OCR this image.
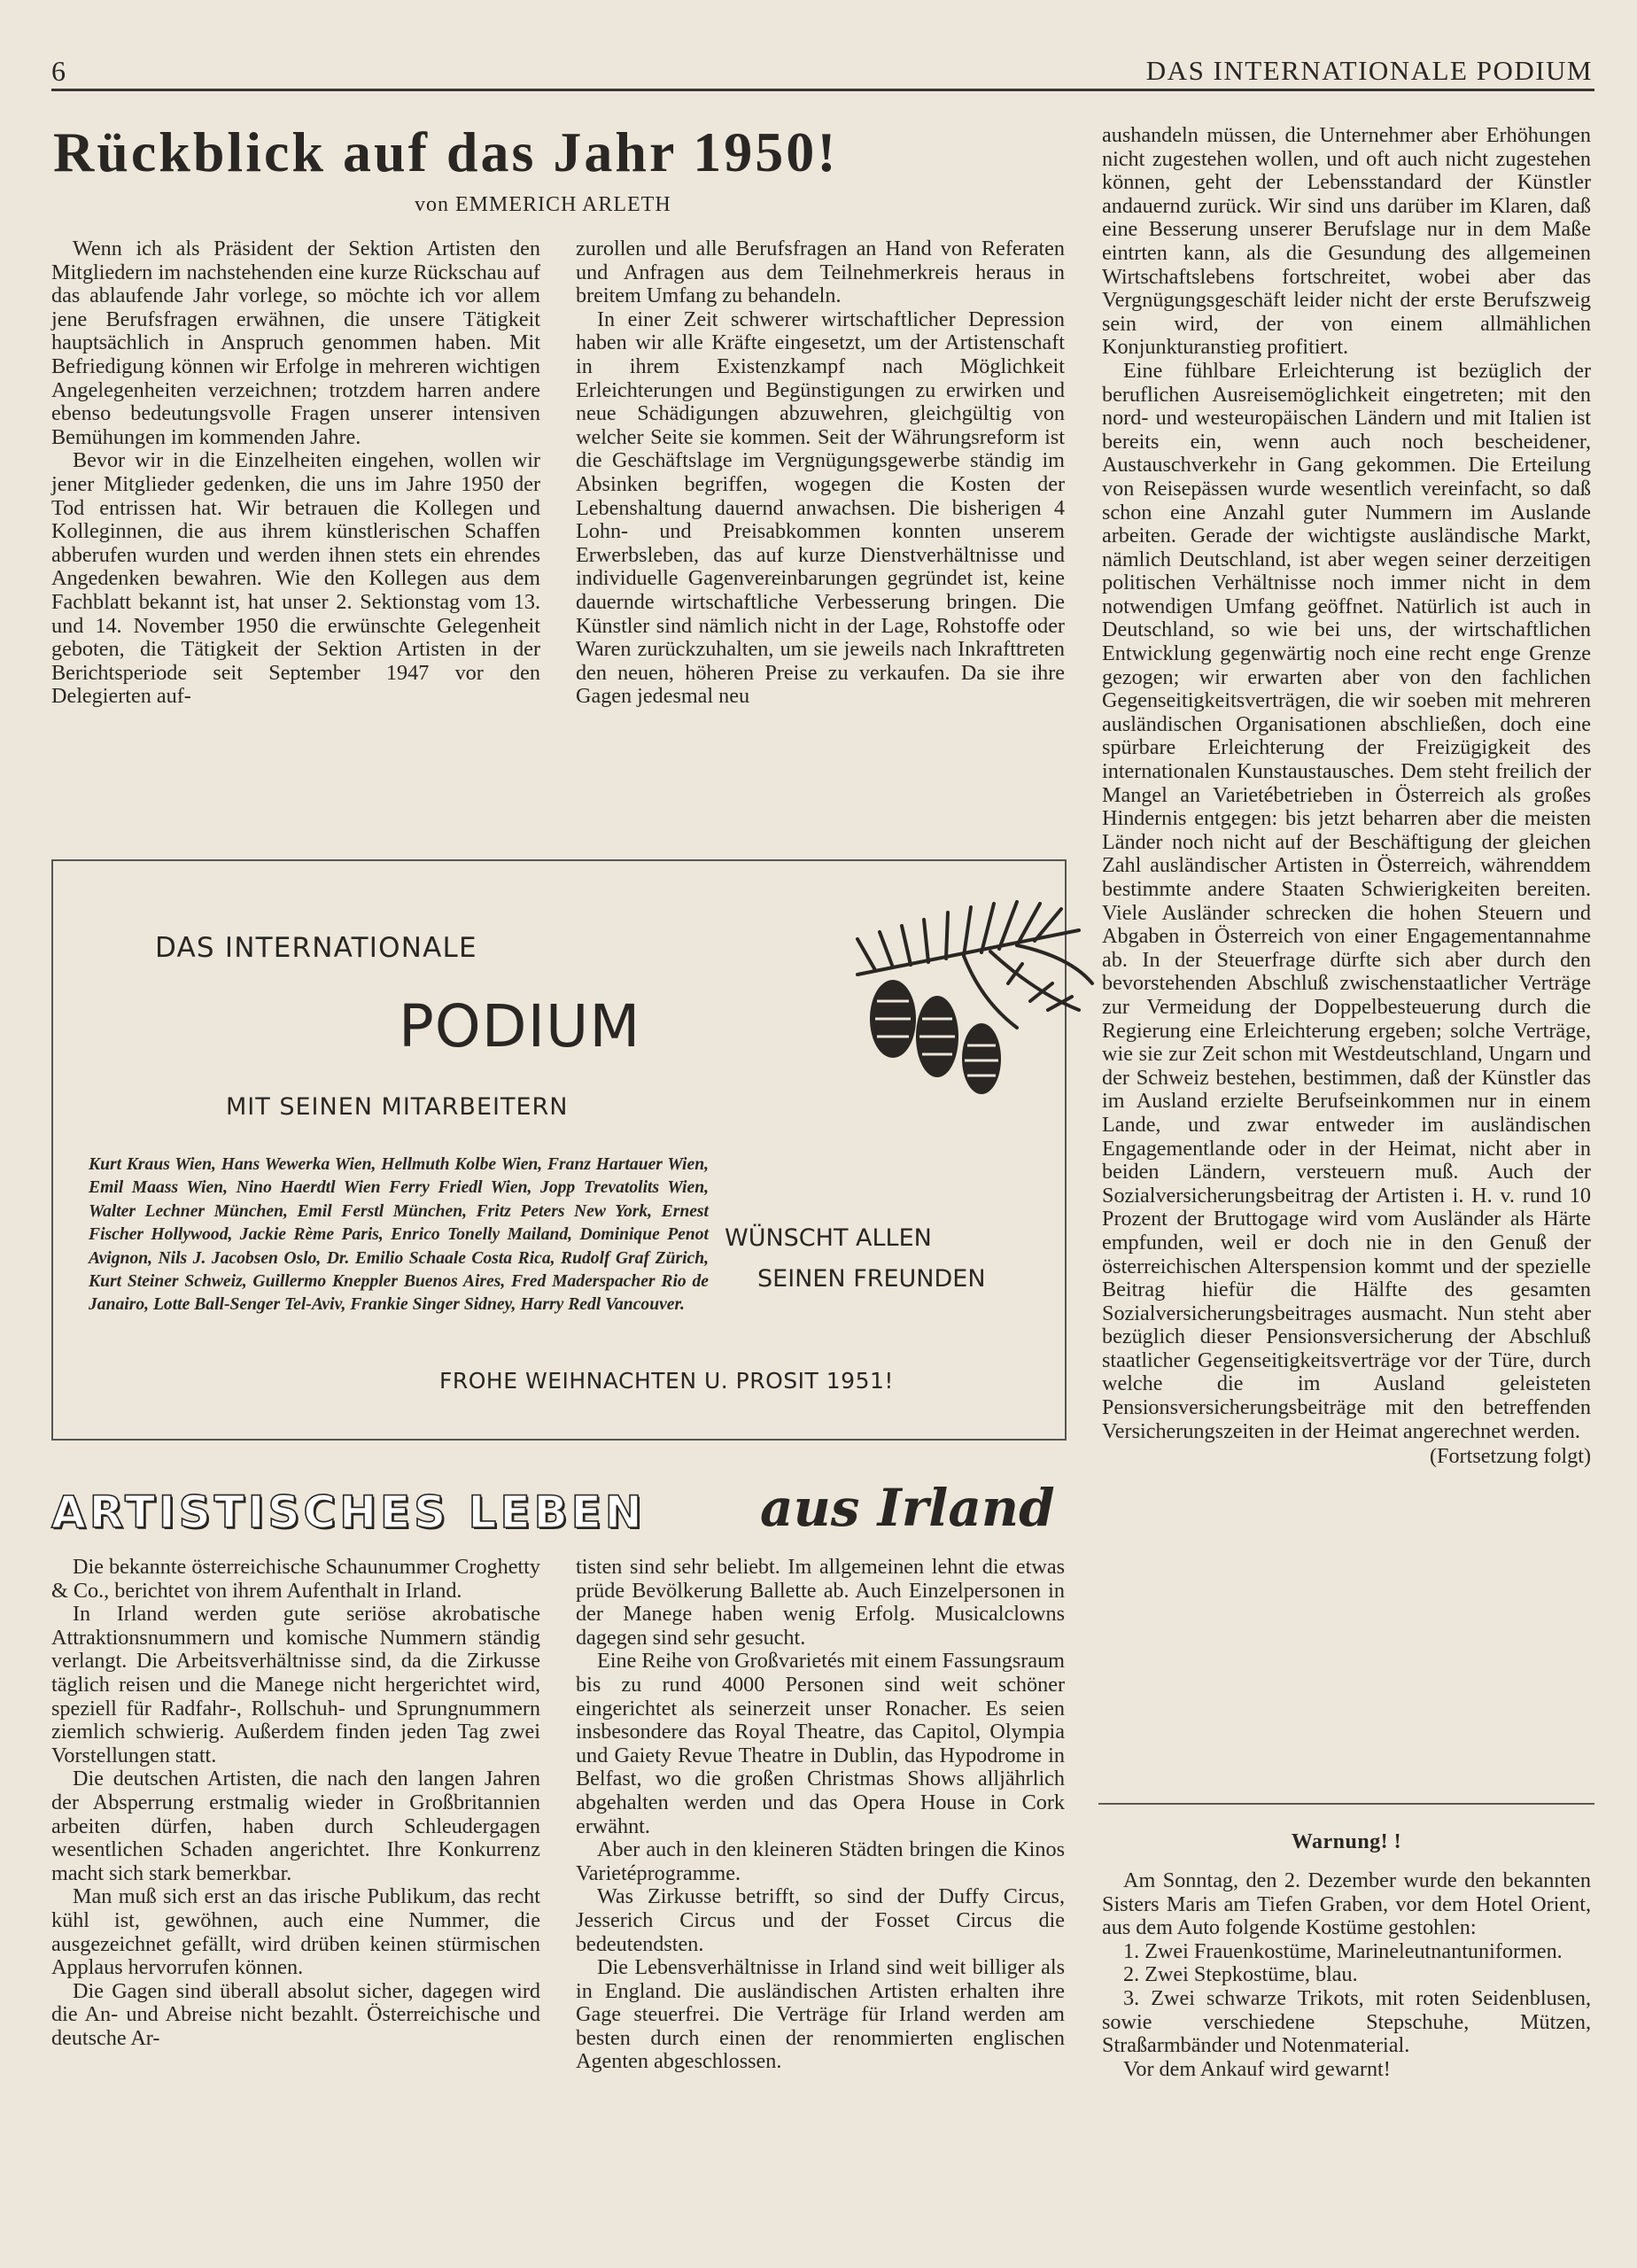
6	DAS INTERNATIONALE PODIUM
Rückblick auf das Jahr 1950!
von EMMERICH ARLETH

Wenn ich als Präsident der Sektion Artisten den Mitgliedern im nachstehenden eine kurze Rückschau auf das ablaufende Jahr vorlege, so möchte ich vor allem jene Berufsfragen erwähnen, die unsere Tätigkeit hauptsächlich in Anspruch genommen haben. Mit Befriedigung können wir Erfolge in mehreren wichtigen Angelegenheiten verzeichnen; trotzdem harren andere ebenso bedeutungsvolle Fragen unserer intensiven Bemühungen im kommenden Jahre.

Bevor wir in die Einzelheiten eingehen, wollen wir jener Mitglieder gedenken, die uns im Jahre 1950 der Tod entrissen hat. Wir betrauen die Kollegen und Kolleginnen, die aus ihrem künstlerischen Schaffen abberufen wurden und werden ihnen stets ein ehrendes Angedenken bewahren. Wie den Kollegen aus dem Fachblatt bekannt ist, hat unser 2. Sektionstag vom 13. und 14. November 1950 die erwünschte Gelegenheit geboten, die Tätigkeit der Sektion Artisten in der Berichtsperiode seit September 1947 vor den Delegierten auf-

zurollen und alle Berufsfragen an Hand von Referaten und Anfragen aus dem Teilnehmerkreis heraus in breitem Umfang zu behandeln.

In einer Zeit schwerer wirtschaftlicher Depression haben wir alle Kräfte eingesetzt, um der Artistenschaft in ihrem Existenzkampf nach Möglichkeit Erleichterungen und Begünstigungen zu erwirken und neue Schädigungen abzuwehren, gleichgültig von welcher Seite sie kommen. Seit der Währungsreform ist die Geschäftslage im Vergnügungsgewerbe ständig im Absinken begriffen, wogegen die Kosten der Lebenshaltung dauernd anwachsen. Die bisherigen 4 Lohn- und Preisabkommen konnten unserem Erwerbsleben, das auf kurze Dienstverhältnisse und individuelle Gagenvereinbarungen gegründet ist, keine dauernde wirtschaftliche Verbesserung bringen. Die Künstler sind nämlich nicht in der Lage, Rohstoffe oder Waren zurückzuhalten, um sie jeweils nach Inkrafttreten den neuen, höheren Preise zu verkaufen. Da sie ihre Gagen jedesmal neu

aushandeln müssen, die Unternehmer aber Erhöhungen nicht zugestehen wollen, und oft auch nicht zugestehen können, geht der Lebensstandard der Künstler andauernd zurück. Wir sind uns darüber im Klaren, daß eine Besserung unserer Berufslage nur in dem Maße eintrten kann, als die Gesundung des allgemeinen Wirtschaftslebens fortschreitet, wobei aber das Vergnügungsgeschäft leider nicht der erste Berufszweig sein wird, der von einem allmählichen Konjunkturanstieg profitiert.

Eine fühlbare Erleichterung ist bezüglich der beruflichen Ausreisemöglichkeit eingetreten; mit den nord- und westeuropäischen Ländern und mit Italien ist bereits ein, wenn auch noch bescheidener, Austauschverkehr in Gang gekommen. Die Erteilung von Reisepässen wurde wesentlich vereinfacht, so daß schon eine Anzahl guter Nummern im Auslande arbeiten. Gerade der wichtigste ausländische Markt, nämlich Deutschland, ist aber wegen seiner derzeitigen politischen Verhältnisse noch immer nicht in dem notwendigen Umfang geöffnet. Natürlich ist auch in Deutschland, so wie bei uns, der wirtschaftlichen Entwicklung gegenwärtig noch eine recht enge Grenze gezogen; wir erwarten aber von den fachlichen Gegenseitigkeitsverträgen, die wir soeben mit mehreren ausländischen Organisationen abschließen, doch eine spürbare Erleichterung der Freizügigkeit des internationalen Kunstaustausches. Dem steht freilich der Mangel an Varietébetrieben in Österreich als großes Hindernis entgegen: bis jetzt beharren aber die meisten Länder noch nicht auf der Beschäftigung der gleichen Zahl ausländischer Artisten in Österreich, währenddem bestimmte andere Staaten Schwierigkeiten bereiten. Viele Ausländer schrecken die hohen Steuern und Abgaben in Österreich von einer Engagementannahme ab. In der Steuerfrage dürfte sich aber durch den bevorstehenden Abschluß zwischenstaatlicher Verträge zur Vermeidung der Doppelbesteuerung durch die Regierung eine Erleichterung ergeben; solche Verträge, wie sie zur Zeit schon mit Westdeutschland, Ungarn und der Schweiz bestehen, bestimmen, daß der Künstler das im Ausland erzielte Berufseinkommen nur in einem Lande, und zwar entweder im ausländischen Engagementlande oder in der Heimat, nicht aber in beiden Ländern, versteuern muß. Auch der Sozialversicherungsbeitrag der Artisten i. H. v. rund 10 Prozent der Bruttogage wird vom Ausländer als Härte empfunden, weil er doch nie in den Genuß der österreichischen Alterspension kommt und der spezielle Beitrag hiefür die Hälfte des gesamten Sozialversicherungsbeitrages ausmacht. Nun steht aber bezüglich dieser Pensionsversicherung der Abschluß staatlicher Gegenseitigkeitsverträge vor der Türe, durch welche die im Ausland geleisteten Pensionsversicherungsbeiträge mit den betreffenden Versicherungszeiten in der Heimat angerechnet werden.

(Fortsetzung folgt)
DAS INTERNATIONALE
PODIUM
MIT SEINEN MITARBEITERN
Kurt Kraus Wien, Hans Wewerka Wien, Hellmuth Kolbe Wien, Franz Hartauer Wien, Emil Maass Wien, Nino Haerdtl Wien Ferry Friedl Wien, Jopp Trevatolits Wien, Walter Lechner München, Emil Ferstl München, Fritz Peters New York, Ernest Fischer Hollywood, Jackie Rème Paris, Enrico Tonelly Mailand, Dominique Penot Avignon, Nils J. Jacobsen Oslo, Dr. Emilio Schaale Costa Rica, Rudolf Graf Zürich, Kurt Steiner Schweiz, Guillermo Kneppler Buenos Aires, Fred Maderspacher Rio de Janairo, Lotte Ball-Senger Tel-Aviv, Frankie Singer Sidney, Harry Redl Vancouver.
WÜNSCHT ALLEN
SEINEN FREUNDEN
FROHE WEIHNACHTEN U. PROSIT 1951!
ARTISTISCHES LEBEN aus Irland

Die bekannte österreichische Schaunummer Croghetty & Co., berichtet von ihrem Aufenthalt in Irland.

In Irland werden gute seriöse akrobatische Attraktionsnummern und komische Nummern ständig verlangt. Die Arbeitsverhältnisse sind, da die Zirkusse täglich reisen und die Manege nicht hergerichtet wird, speziell für Radfahr-, Rollschuh- und Sprungnummern ziemlich schwierig. Außerdem finden jeden Tag zwei Vorstellungen statt.

Die deutschen Artisten, die nach den langen Jahren der Absperrung erstmalig wieder in Großbritannien arbeiten dürfen, haben durch Schleudergagen wesentlichen Schaden angerichtet. Ihre Konkurrenz macht sich stark bemerkbar.

Man muß sich erst an das irische Publikum, das recht kühl ist, gewöhnen, auch eine Nummer, die ausgezeichnet gefällt, wird drüben keinen stürmischen Applaus hervorrufen können.

Die Gagen sind überall absolut sicher, dagegen wird die An- und Abreise nicht bezahlt. Österreichische und deutsche Ar-

tisten sind sehr beliebt. Im allgemeinen lehnt die etwas prüde Bevölkerung Ballette ab. Auch Einzelpersonen in der Manege haben wenig Erfolg. Musicalclowns dagegen sind sehr gesucht.

Eine Reihe von Großvarietés mit einem Fassungsraum bis zu rund 4000 Personen sind weit schöner eingerichtet als seinerzeit unser Ronacher. Es seien insbesondere das Royal Theatre, das Capitol, Olympia und Gaiety Revue Theatre in Dublin, das Hypodrome in Belfast, wo die großen Christmas Shows alljährlich abgehalten werden und das Opera House in Cork erwähnt.

Aber auch in den kleineren Städten bringen die Kinos Varietéprogramme.

Was Zirkusse betrifft, so sind der Duffy Circus, Jesserich Circus und der Fosset Circus die bedeutendsten.

Die Lebensverhältnisse in Irland sind weit billiger als in England. Die ausländischen Artisten erhalten ihre Gage steuerfrei. Die Verträge für Irland werden am besten durch einen der renommierten englischen Agenten abgeschlossen.

Warnung! !

Am Sonntag, den 2. Dezember wurde den bekannten Sisters Maris am Tiefen Graben, vor dem Hotel Orient, aus dem Auto folgende Kostüme gestohlen:

1. Zwei Frauenkostüme, Marineleutnantuniformen.

2. Zwei Stepkostüme, blau.

3. Zwei schwarze Trikots, mit roten Seidenblusen, sowie verschiedene Stepschuhe, Mützen, Straßarmbänder und Notenmaterial.

Vor dem Ankauf wird gewarnt!
